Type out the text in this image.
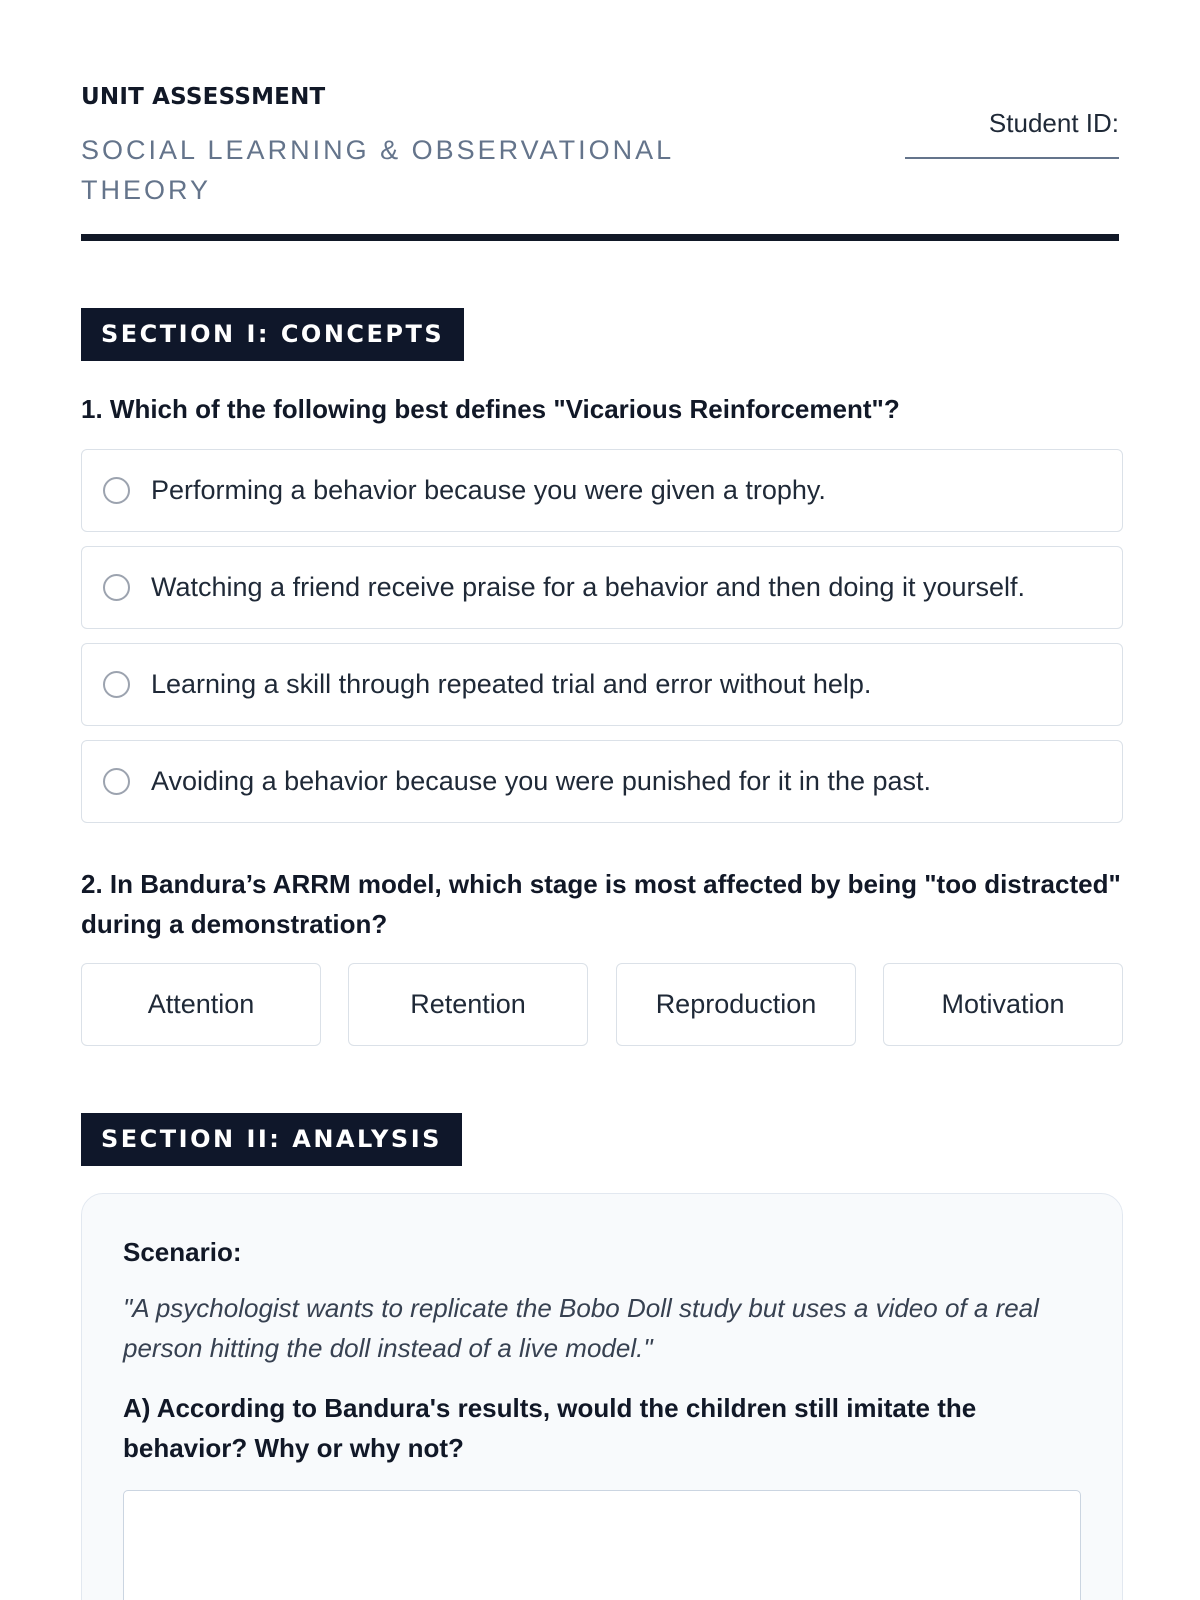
UNIT ASSESSMENT
SOCIAL LEARNING & OBSERVATIONAL THEORY
Student ID:
SECTION I: CONCEPTS
1. Which of the following best defines "Vicarious Reinforcement"?
Performing a behavior because you were given a trophy.
Watching a friend receive praise for a behavior and then doing it yourself.
Learning a skill through repeated trial and error without help.
Avoiding a behavior because you were punished for it in the past.
2. In Bandura’s ARRM model, which stage is most affected by being "too distracted" during a demonstration?
Attention	Retention	Reproduction	Motivation
SECTION II: ANALYSIS
Scenario:
"A psychologist wants to replicate the Bobo Doll study but uses a video of a real person hitting the doll instead of a live model."
A) According to Bandura's results, would the children still imitate the behavior? Why or why not?
